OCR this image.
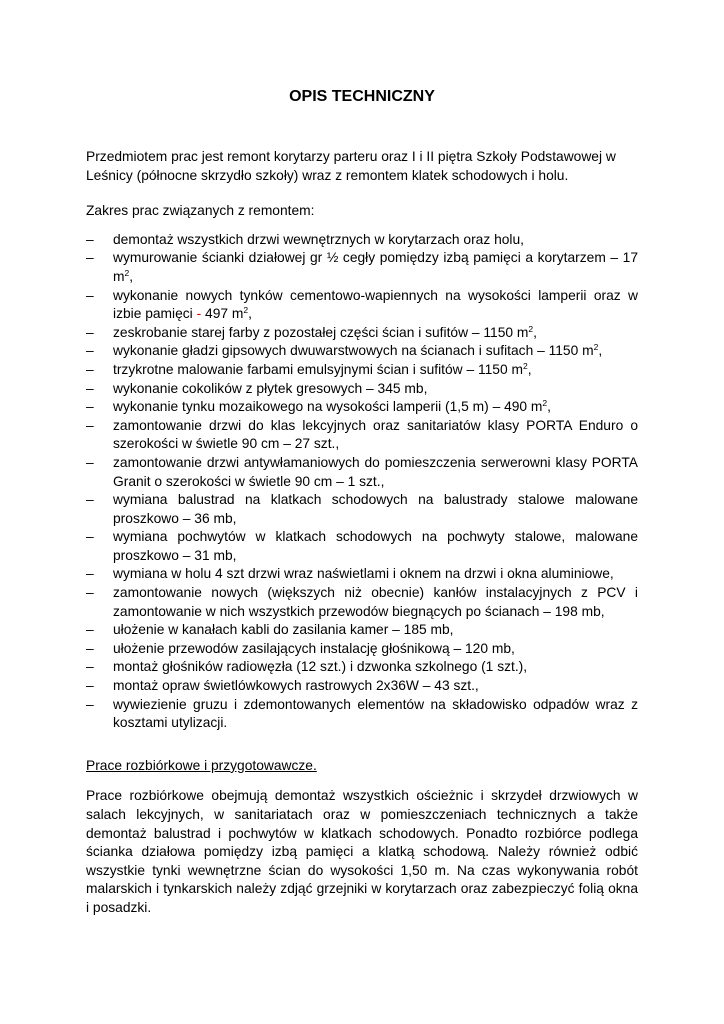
OPIS TECHNICZNY

Przedmiotem prac jest remont korytarzy parteru oraz I i II piętra Szkoły Podstawowej w Leśnicy (północne skrzydło szkoły) wraz z remontem klatek schodowych i holu.

Zakres prac związanych z remontem:

– demontaż wszystkich drzwi wewnętrznych w korytarzach oraz holu,
– wymurowanie ścianki działowej gr ½ cegły pomiędzy izbą pamięci a korytarzem – 17 $m^2$,
– wykonanie nowych tynków cementowo-wapiennych na wysokości lamperii oraz w izbie pamięci - 497 $m^2$,
– zeskrobanie starej farby z pozostałej części ścian i sufitów – 1150 $m^2$,
– wykonanie gładzi gipsowych dwuwarstwowych na ścianach i sufitach – 1150 $m^2$,
– trzykrotne malowanie farbami emulsyjnymi ścian i sufitów – 1150 $m^2$,
– wykonanie cokolików z płytek gresowych – 345 mb,
– wykonanie tynku mozaikowego na wysokości lamperii (1,5 m) – 490 $m^2$,
– zamontowanie drzwi do klas lekcyjnych oraz sanitariatów klasy PORTA Enduro o szerokości w świetle 90 cm – 27 szt.,
– zamontowanie drzwi antywłamaniowych do pomieszczenia serwerowni klasy PORTA Granit o szerokości w świetle 90 cm – 1 szt.,
– wymiana balustrad na klatkach schodowych na balustrady stalowe malowane proszkowo – 36 mb,
– wymiana pochwytów w klatkach schodowych na pochwyty stalowe, malowane proszkowo – 31 mb,
– wymiana w holu 4 szt drzwi wraz naświetlami i oknem na drzwi i okna aluminiowe,
– zamontowanie nowych (większych niż obecnie) kanłów instalacyjnych z PCV i zamontowanie w nich wszystkich przewodów biegnących po ścianach – 198 mb,
– ułożenie w kanałach kabli do zasilania kamer – 185 mb,
– ułożenie przewodów zasilających instalację głośnikową – 120 mb,
– montaż głośników radiowęzła (12 szt.) i dzwonka szkolnego (1 szt.),
– montaż opraw świetlówkowych rastrowych 2x36W – 43 szt.,
– wywiezienie gruzu i zdemontowanych elementów na składowisko odpadów wraz z kosztami utylizacji.

Prace rozbiórkowe i przygotowawcze.

Prace rozbiórkowe obejmują demontaż wszystkich ościeżnic i skrzydeł drzwiowych w salach lekcyjnych, w sanitariatach oraz w pomieszczeniach technicznych a także demontaż balustrad i pochwytów w klatkach schodowych. Ponadto rozbiórce podlega ścianka działowa pomiędzy izbą pamięci a klatką schodową. Należy również odbić wszystkie tynki wewnętrzne ścian do wysokości 1,50 m. Na czas wykonywania robót malarskich i tynkarskich należy zdjąć grzejniki w korytarzach oraz zabezpieczyć folią okna i posadzki.
